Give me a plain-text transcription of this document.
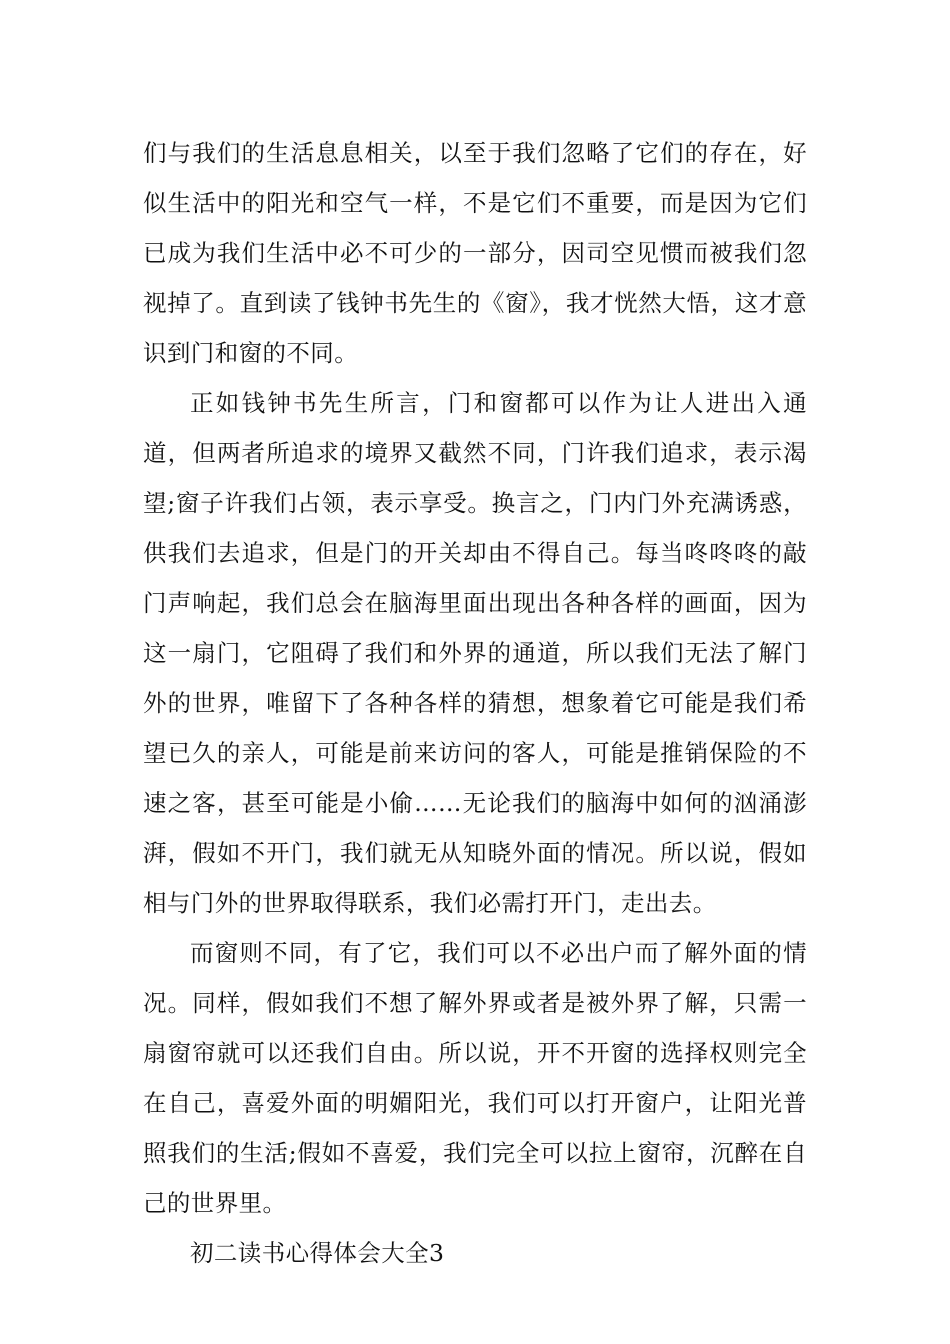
们与我们的生活息息相关，以至于我们忽略了它们的存在，好似生活中的阳光和空气一样，不是它们不重要，而是因为它们已成为我们生活中必不可少的一部分，因司空见惯而被我们忽视掉了。直到读了钱钟书先生的《窗》，我才恍然大悟，这才意识到门和窗的不同。

正如钱钟书先生所言，门和窗都可以作为让人进出入通道，但两者所追求的境界又截然不同，门许我们追求，表示渴望;窗子许我们占领，表示享受。换言之，门内门外充满诱惑，供我们去追求，但是门的开关却由不得自己。每当咚咚咚的敲门声响起，我们总会在脑海里面出现出各种各样的画面，因为这一扇门，它阻碍了我们和外界的通道，所以我们无法了解门外的世界，唯留下了各种各样的猜想，想象着它可能是我们希望已久的亲人，可能是前来访问的客人，可能是推销保险的不速之客，甚至可能是小偷……无论我们的脑海中如何的汹涌澎湃，假如不开门，我们就无从知晓外面的情况。所以说，假如相与门外的世界取得联系，我们必需打开门，走出去。

而窗则不同，有了它，我们可以不必出户而了解外面的情况。同样，假如我们不想了解外界或者是被外界了解，只需一扇窗帘就可以还我们自由。所以说，开不开窗的选择权则完全在自己，喜爱外面的明媚阳光，我们可以打开窗户，让阳光普照我们的生活;假如不喜爱，我们完全可以拉上窗帘，沉醉在自己的世界里。

初二读书心得体会大全3
